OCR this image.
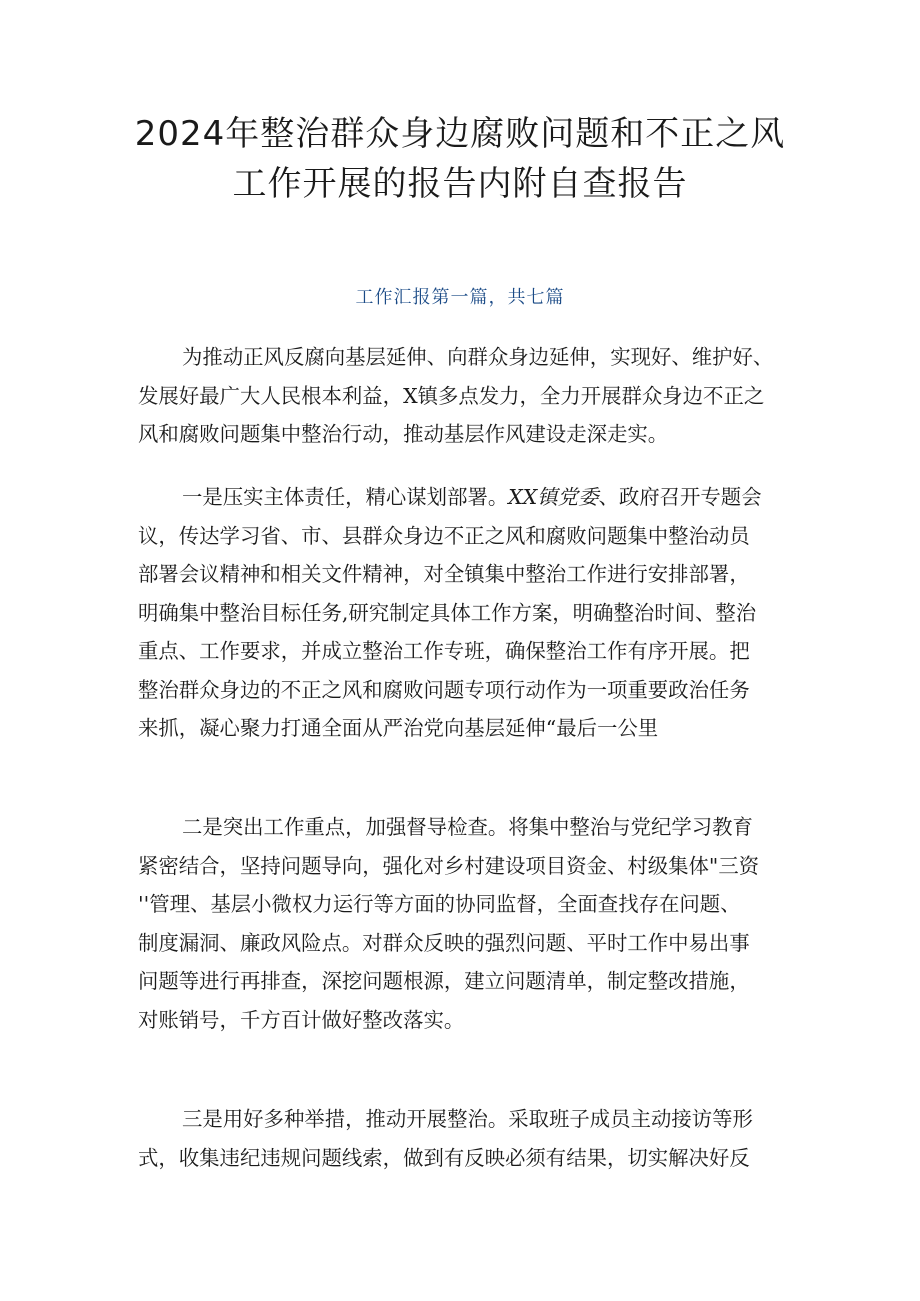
2024年整治群众身边腐败问题和不正之风
工作开展的报告内附自查报告
工作汇报第一篇，共七篇
为推动正风反腐向基层延伸、向群众身边延伸，实现好、维护好、
发展好最广大人民根本利益，X镇多点发力，全力开展群众身边不正之
风和腐败问题集中整治行动，推动基层作风建设走深走实。
一是压实主体责任，精心谋划部署。XX镇党委、政府召开专题会
议，传达学习省、市、县群众身边不正之风和腐败问题集中整治动员
部署会议精神和相关文件精神，对全镇集中整治工作进行安排部署，
明确集中整治目标任务,研究制定具体工作方案，明确整治时间、整治
重点、工作要求，并成立整治工作专班，确保整治工作有序开展。把
整治群众身边的不正之风和腐败问题专项行动作为一项重要政治任务
来抓，凝心聚力打通全面从严治党向基层延伸“最后一公里
二是突出工作重点，加强督导检查。将集中整治与党纪学习教育
紧密结合，坚持问题导向，强化对乡村建设项目资金、村级集体"三资
''管理、基层小微权力运行等方面的协同监督，全面查找存在问题、
制度漏洞、廉政风险点。对群众反映的强烈问题、平时工作中易出事
问题等进行再排查，深挖问题根源，建立问题清单，制定整改措施，
对账销号，千方百计做好整改落实。
三是用好多种举措，推动开展整治。采取班子成员主动接访等形
式，收集违纪违规问题线索，做到有反映必须有结果，切实解决好反
